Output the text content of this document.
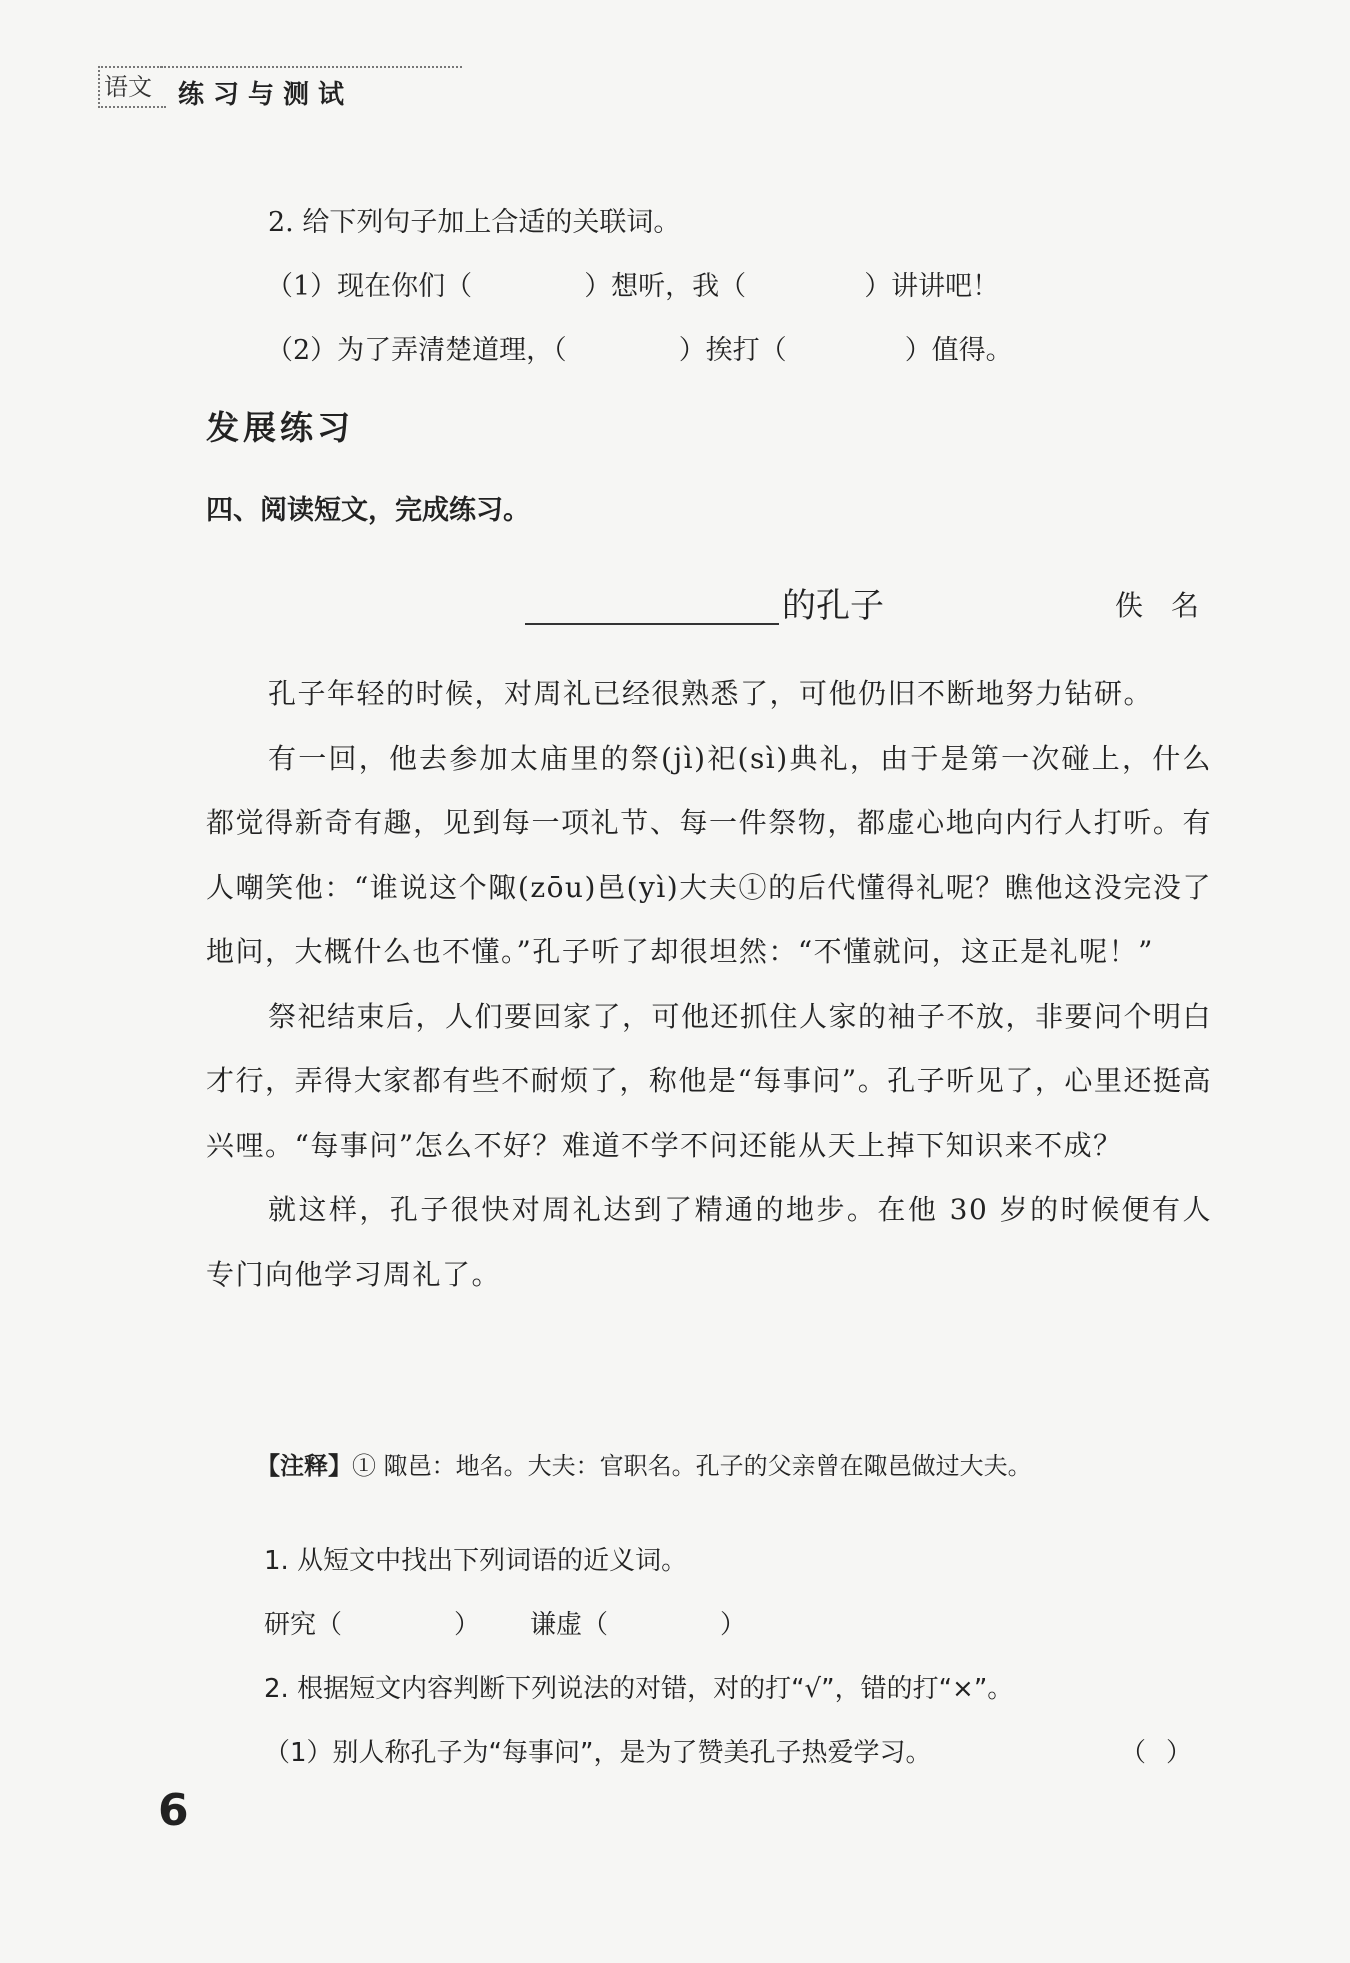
语文	练习与测试
2. 给下列句子加上合适的关联词。
（1）现在你们（	）想听，我（	）讲讲吧！
（2）为了弄清楚道理，（	）挨打（	）值得。
发展练习
四、阅读短文，完成练习。
的孔子	佚　名

孔子年轻的时候，对周礼已经很熟悉了，可他仍旧不断地努力钻研。

有一回，他去参加太庙里的祭(jì)祀(sì)典礼，由于是第一次碰上，什么都觉得新奇有趣，见到每一项礼节、每一件祭物，都虚心地向内行人打听。有人嘲笑他：“谁说这个陬(zōu)邑(yì)大夫①的后代懂得礼呢？瞧他这没完没了地问，大概什么也不懂。”孔子听了却很坦然：“不懂就问，这正是礼呢！”

祭祀结束后，人们要回家了，可他还抓住人家的袖子不放，非要问个明白才行，弄得大家都有些不耐烦了，称他是“每事问”。孔子听见了，心里还挺高兴哩。“每事问”怎么不好？难道不学不问还能从天上掉下知识来不成？

就这样，孔子很快对周礼达到了精通的地步。在他 30 岁的时候便有人专门向他学习周礼了。

【注释】① 陬邑：地名。大夫：官职名。孔子的父亲曾在陬邑做过大夫。
1. 从短文中找出下列词语的近义词。
研究（	） 谦虚（	）
2. 根据短文内容判断下列说法的对错，对的打“√”，错的打“×”。
（1）别人称孔子为“每事问”，是为了赞美孔子热爱学习。	（ ）
6
